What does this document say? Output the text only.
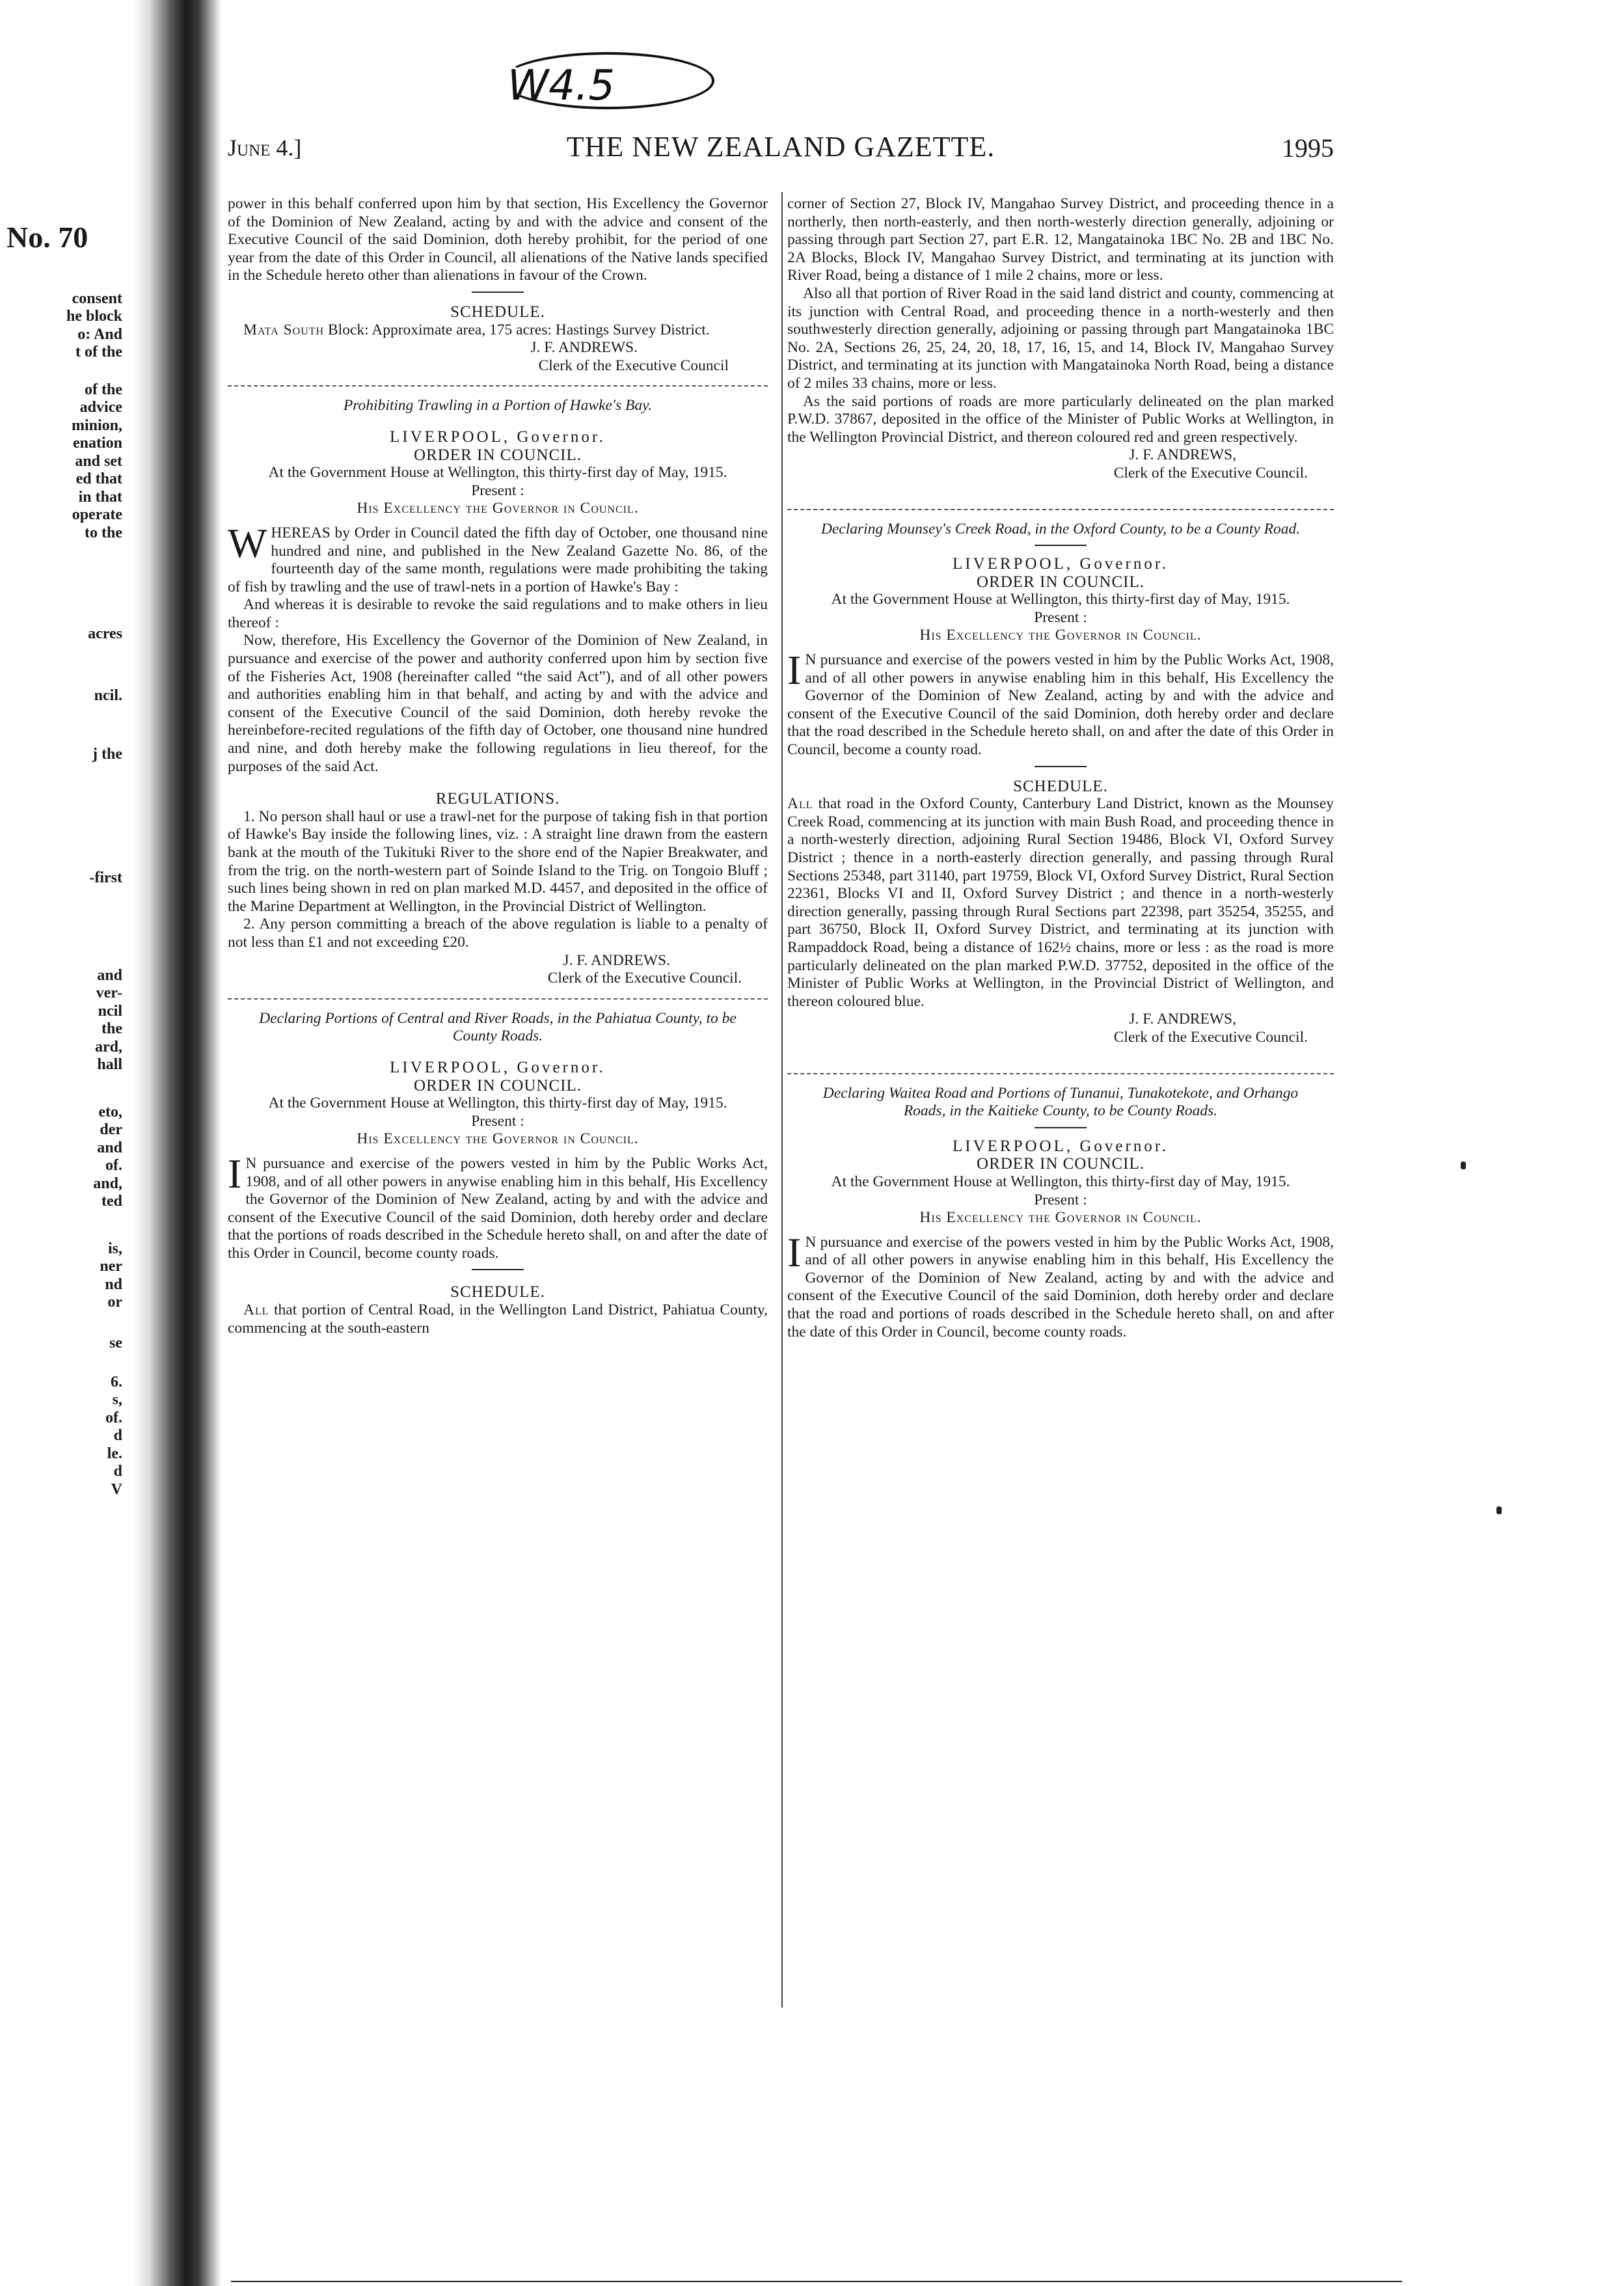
No. 70
consent
he block
o: And
t of the
of the
advice
minion,
enation
and set
ed that
in that
operate
to the
acres
ncil.
j the
-first
and
ver-
ncil
the
ard,
hall
eto,
der
and
of.
and,
ted
is,
ner
nd
or
se
6.
s,
of.
d
le.
d
V
W4.5
June 4.]	THE NEW ZEALAND GAZETTE.	1995

power in this behalf conferred upon him by that section, His Excellency the Governor of the Dominion of New Zealand, acting by and with the advice and consent of the Executive Council of the said Dominion, doth hereby prohibit, for the period of one year from the date of this Order in Council, all alienations of the Native lands specified in the Schedule hereto other than alienations in favour of the Crown.

SCHEDULE.

Mata South Block: Approximate area, 175 acres: Hastings Survey District.

J. F. ANDREWS.

Clerk of the Executive Council

Prohibiting Trawling in a Portion of Hawke's Bay.

LIVERPOOL, Governor.

ORDER IN COUNCIL.

At the Government House at Wellington, this thirty-first day of May, 1915.

Present :

His Excellency the Governor in Council.

WHEREAS by Order in Council dated the fifth day of October, one thousand nine hundred and nine, and published in the New Zealand Gazette No. 86, of the fourteenth day of the same month, regulations were made prohibiting the taking of fish by trawling and the use of trawl-nets in a portion of Hawke's Bay :

And whereas it is desirable to revoke the said regulations and to make others in lieu thereof :

Now, therefore, His Excellency the Governor of the Dominion of New Zealand, in pursuance and exercise of the power and authority conferred upon him by section five of the Fisheries Act, 1908 (hereinafter called “the said Act”), and of all other powers and authorities enabling him in that behalf, and acting by and with the advice and consent of the Executive Council of the said Dominion, doth hereby revoke the hereinbefore-recited regulations of the fifth day of October, one thousand nine hundred and nine, and doth hereby make the following regulations in lieu thereof, for the purposes of the said Act.

REGULATIONS.

1. No person shall haul or use a trawl-net for the purpose of taking fish in that portion of Hawke's Bay inside the following lines, viz. : A straight line drawn from the eastern bank at the mouth of the Tukituki River to the shore end of the Napier Breakwater, and from the trig. on the north-western part of Soinde Island to the Trig. on Tongoio Bluff ; such lines being shown in red on plan marked M.D. 4457, and deposited in the office of the Marine Department at Wellington, in the Provincial District of Wellington.

2. Any person committing a breach of the above regulation is liable to a penalty of not less than £1 and not exceeding £20.

J. F. ANDREWS.

Clerk of the Executive Council.

Declaring Portions of Central and River Roads, in the Pahiatua County, to be County Roads.

LIVERPOOL, Governor.

ORDER IN COUNCIL.

At the Government House at Wellington, this thirty-first day of May, 1915.

Present :

His Excellency the Governor in Council.

IN pursuance and exercise of the powers vested in him by the Public Works Act, 1908, and of all other powers in anywise enabling him in this behalf, His Excellency the Governor of the Dominion of New Zealand, acting by and with the advice and consent of the Executive Council of the said Dominion, doth hereby order and declare that the portions of roads described in the Schedule hereto shall, on and after the date of this Order in Council, become county roads.

SCHEDULE.

All that portion of Central Road, in the Wellington Land District, Pahiatua County, commencing at the south-eastern

corner of Section 27, Block IV, Mangahao Survey District, and proceeding thence in a northerly, then north-easterly, and then north-westerly direction generally, adjoining or passing through part Section 27, part E.R. 12, Mangatainoka 1BC No. 2B and 1BC No. 2A Blocks, Block IV, Mangahao Survey District, and terminating at its junction with River Road, being a distance of 1 mile 2 chains, more or less.

Also all that portion of River Road in the said land district and county, commencing at its junction with Central Road, and proceeding thence in a north-westerly and then southwesterly direction generally, adjoining or passing through part Mangatainoka 1BC No. 2A, Sections 26, 25, 24, 20, 18, 17, 16, 15, and 14, Block IV, Mangahao Survey District, and terminating at its junction with Mangatainoka North Road, being a distance of 2 miles 33 chains, more or less.

As the said portions of roads are more particularly delineated on the plan marked P.W.D. 37867, deposited in the office of the Minister of Public Works at Wellington, in the Wellington Provincial District, and thereon coloured red and green respectively.

J. F. ANDREWS,

Clerk of the Executive Council.

Declaring Mounsey's Creek Road, in the Oxford County, to be a County Road.

LIVERPOOL, Governor.

ORDER IN COUNCIL.

At the Government House at Wellington, this thirty-first day of May, 1915.

Present :

His Excellency the Governor in Council.

IN pursuance and exercise of the powers vested in him by the Public Works Act, 1908, and of all other powers in anywise enabling him in this behalf, His Excellency the Governor of the Dominion of New Zealand, acting by and with the advice and consent of the Executive Council of the said Dominion, doth hereby order and declare that the road described in the Schedule hereto shall, on and after the date of this Order in Council, become a county road.

SCHEDULE.

All that road in the Oxford County, Canterbury Land District, known as the Mounsey Creek Road, commencing at its junction with main Bush Road, and proceeding thence in a north-westerly direction, adjoining Rural Section 19486, Block VI, Oxford Survey District ; thence in a north-easterly direction generally, and passing through Rural Sections 25348, part 31140, part 19759, Block VI, Oxford Survey District, Rural Section 22361, Blocks VI and II, Oxford Survey District ; and thence in a north-westerly direction generally, passing through Rural Sections part 22398, part 35254, 35255, and part 36750, Block II, Oxford Survey District, and terminating at its junction with Rampaddock Road, being a distance of 162½ chains, more or less : as the road is more particularly delineated on the plan marked P.W.D. 37752, deposited in the office of the Minister of Public Works at Wellington, in the Provincial District of Wellington, and thereon coloured blue.

J. F. ANDREWS,

Clerk of the Executive Council.

Declaring Waitea Road and Portions of Tunanui, Tunakotekote, and Orhango Roads, in the Kaitieke County, to be County Roads.

LIVERPOOL, Governor.

ORDER IN COUNCIL.

At the Government House at Wellington, this thirty-first day of May, 1915.

Present :

His Excellency the Governor in Council.

IN pursuance and exercise of the powers vested in him by the Public Works Act, 1908, and of all other powers in anywise enabling him in this behalf, His Excellency the Governor of the Dominion of New Zealand, acting by and with the advice and consent of the Executive Council of the said Dominion, doth hereby order and declare that the road and portions of roads described in the Schedule hereto shall, on and after the date of this Order in Council, become county roads.
